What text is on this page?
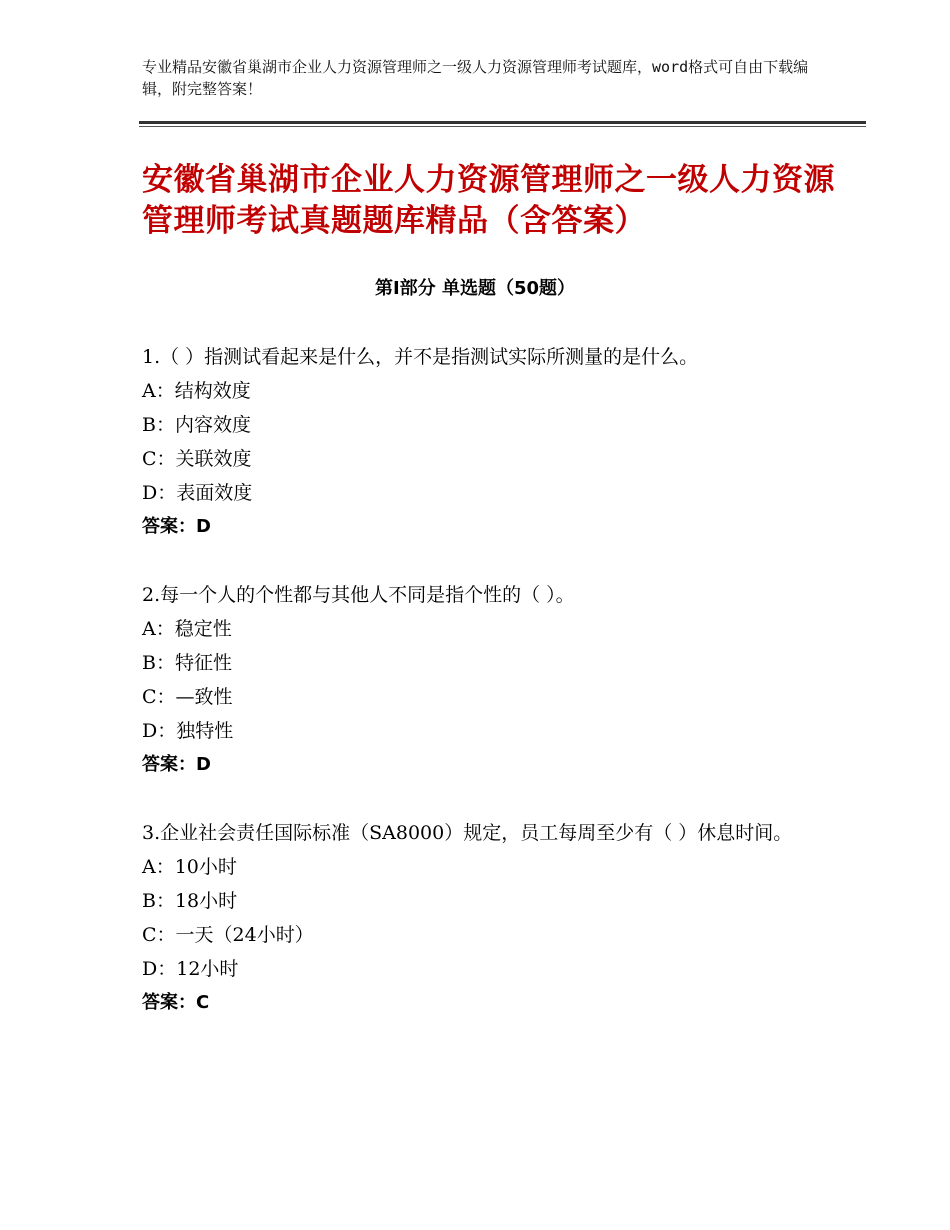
专业精品安徽省巢湖市企业人力资源管理师之一级人力资源管理师考试题库，word格式可自由下载编辑，附完整答案！
安徽省巢湖市企业人力资源管理师之一级人力资源管理师考试真题题库精品（含答案）
第Ⅰ部分 单选题（50题）
1.（ ）指测试看起来是什么，并不是指测试实际所测量的是什么。
A：结构效度
B：内容效度
C：关联效度
D：表面效度
答案：D
2.每一个人的个性都与其他人不同是指个性的（ ）。
A：稳定性
B：特征性
C：—致性
D：独特性
答案：D
3.企业社会责任国际标准（SA8000）规定，员工每周至少有（ ）休息时间。
A：10小时
B：18小时
C：一天（24小时）
D：12小时
答案：C
